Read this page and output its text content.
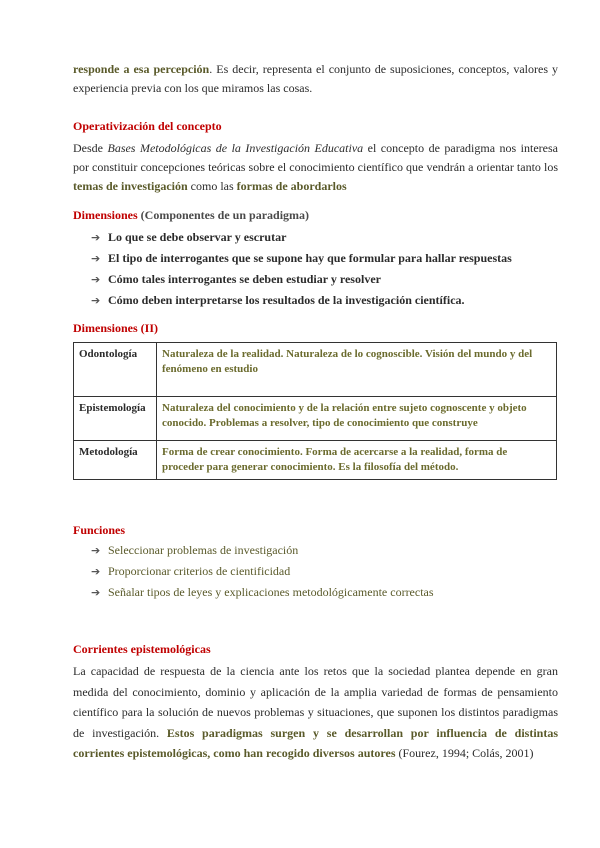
responde a esa percepción. Es decir, representa el conjunto de suposiciones, conceptos, valores y experiencia previa con los que miramos las cosas.

Operativización del concepto

Desde Bases Metodológicas de la Investigación Educativa el concepto de paradigma nos interesa por constituir concepciones teóricas sobre el conocimiento científico que vendrán a orientar tanto los temas de investigación como las formas de abordarlos

Dimensiones (Componentes de un paradigma)
➔ Lo que se debe observar y escrutar
➔ El tipo de interrogantes que se supone hay que formular para hallar respuestas
➔ Cómo tales interrogantes se deben estudiar y resolver
➔ Cómo deben interpretarse los resultados de la investigación científica.
Dimensiones (II)
Odontología	Naturaleza de la realidad. Naturaleza de lo cognoscible. Visión del mundo y del fenómeno en estudio
Epistemología	Naturaleza del conocimiento y de la relación entre sujeto cognoscente y objeto conocido. Problemas a resolver, tipo de conocimiento que construye
Metodología	Forma de crear conocimiento. Forma de acercarse a la realidad, forma de proceder para generar conocimiento. Es la filosofía del método.
Funciones
➔ Seleccionar problemas de investigación
➔ Proporcionar criterios de cientificidad
➔ Señalar tipos de leyes y explicaciones metodológicamente correctas
Corrientes epistemológicas

La capacidad de respuesta de la ciencia ante los retos que la sociedad plantea depende en gran medida del conocimiento, dominio y aplicación de la amplia variedad de formas de pensamiento científico para la solución de nuevos problemas y situaciones, que suponen los distintos paradigmas de investigación. Estos paradigmas surgen y se desarrollan por influencia de distintas corrientes epistemológicas, como han recogido diversos autores (Fourez, 1994; Colás, 2001)
